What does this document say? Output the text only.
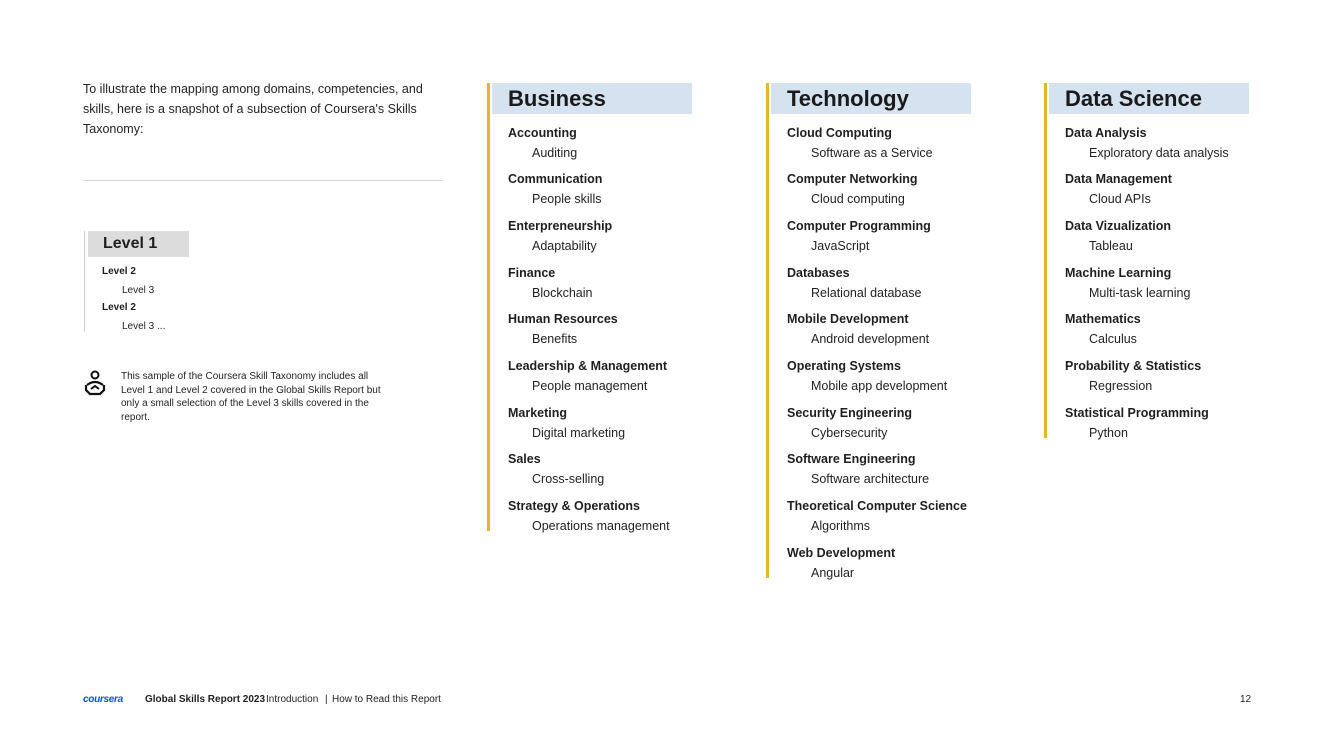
To illustrate the mapping among domains, competencies, and skills, here is a snapshot of a subsection of Coursera's Skills Taxonomy:
Level 1
Level 2
Level 3
Level 2
Level 3 ...
This sample of the Coursera Skill Taxonomy includes all Level 1 and Level 2 covered in the Global Skills Report but only a small selection of the Level 3 skills covered in the report.
Business
Accounting
Auditing
Communication
People skills
Enterpreneurship
Adaptability
Finance
Blockchain
Human Resources
Benefits
Leadership & Management
People management
Marketing
Digital marketing
Sales
Cross-selling
Strategy & Operations
Operations management
Technology
Cloud Computing
Software as a Service
Computer Networking
Cloud computing
Computer Programming
JavaScript
Databases
Relational database
Mobile Development
Android development
Operating Systems
Mobile app development
Security Engineering
Cybersecurity
Software Engineering
Software architecture
Theoretical Computer Science
Algorithms
Web Development
Angular
Data Science
Data Analysis
Exploratory data analysis
Data Management
Cloud APIs
Data Vizualization
Tableau
Machine Learning
Multi-task learning
Mathematics
Calculus
Probability & Statistics
Regression
Statistical Programming
Python
coursera Global Skills Report 2023 Introduction | How to Read this Report	12
